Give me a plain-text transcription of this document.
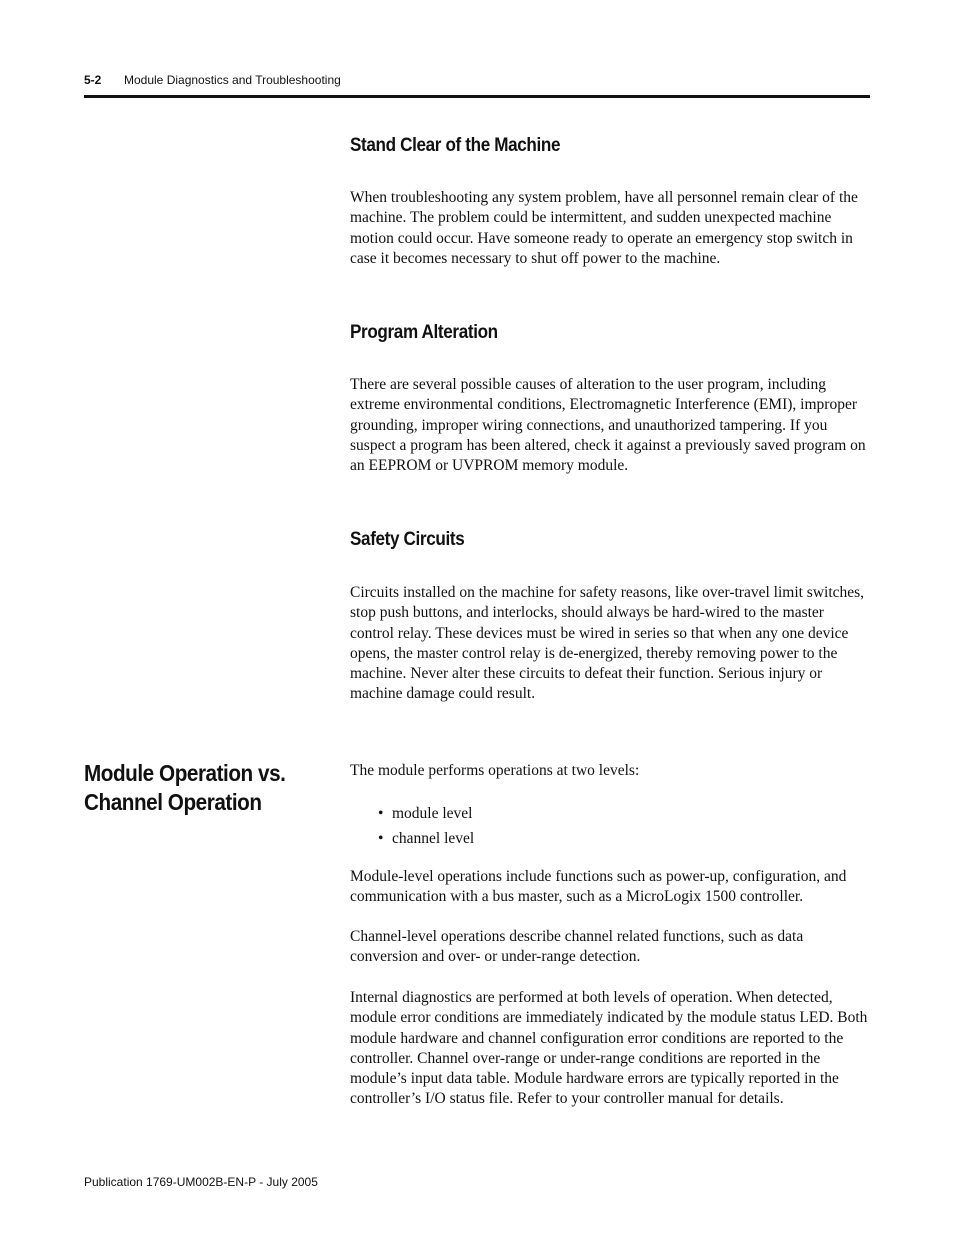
5-2 Module Diagnostics and Troubleshooting
Stand Clear of the Machine
When troubleshooting any system problem, have all personnel remain clear of the machine. The problem could be intermittent, and sudden unexpected machine motion could occur. Have someone ready to operate an emergency stop switch in case it becomes necessary to shut off power to the machine.
Program Alteration
There are several possible causes of alteration to the user program, including extreme environmental conditions, Electromagnetic Interference (EMI), improper grounding, improper wiring connections, and unauthorized tampering. If you suspect a program has been altered, check it against a previously saved program on an EEPROM or UVPROM memory module.
Safety Circuits
Circuits installed on the machine for safety reasons, like over-travel limit switches, stop push buttons, and interlocks, should always be hard-wired to the master control relay. These devices must be wired in series so that when any one device opens, the master control relay is de-energized, thereby removing power to the machine. Never alter these circuits to defeat their function. Serious injury or machine damage could result.
Module Operation vs.
Channel Operation
The module performs operations at two levels:
• module level
• channel level
Module-level operations include functions such as power-up, configuration, and communication with a bus master, such as a MicroLogix 1500 controller.
Channel-level operations describe channel related functions, such as data conversion and over- or under-range detection.
Internal diagnostics are performed at both levels of operation. When detected, module error conditions are immediately indicated by the module status LED. Both module hardware and channel configuration error conditions are reported to the controller. Channel over-range or under-range conditions are reported in the module’s input data table. Module hardware errors are typically reported in the controller’s I/O status file. Refer to your controller manual for details.
Publication 1769-UM002B-EN-P - July 2005
